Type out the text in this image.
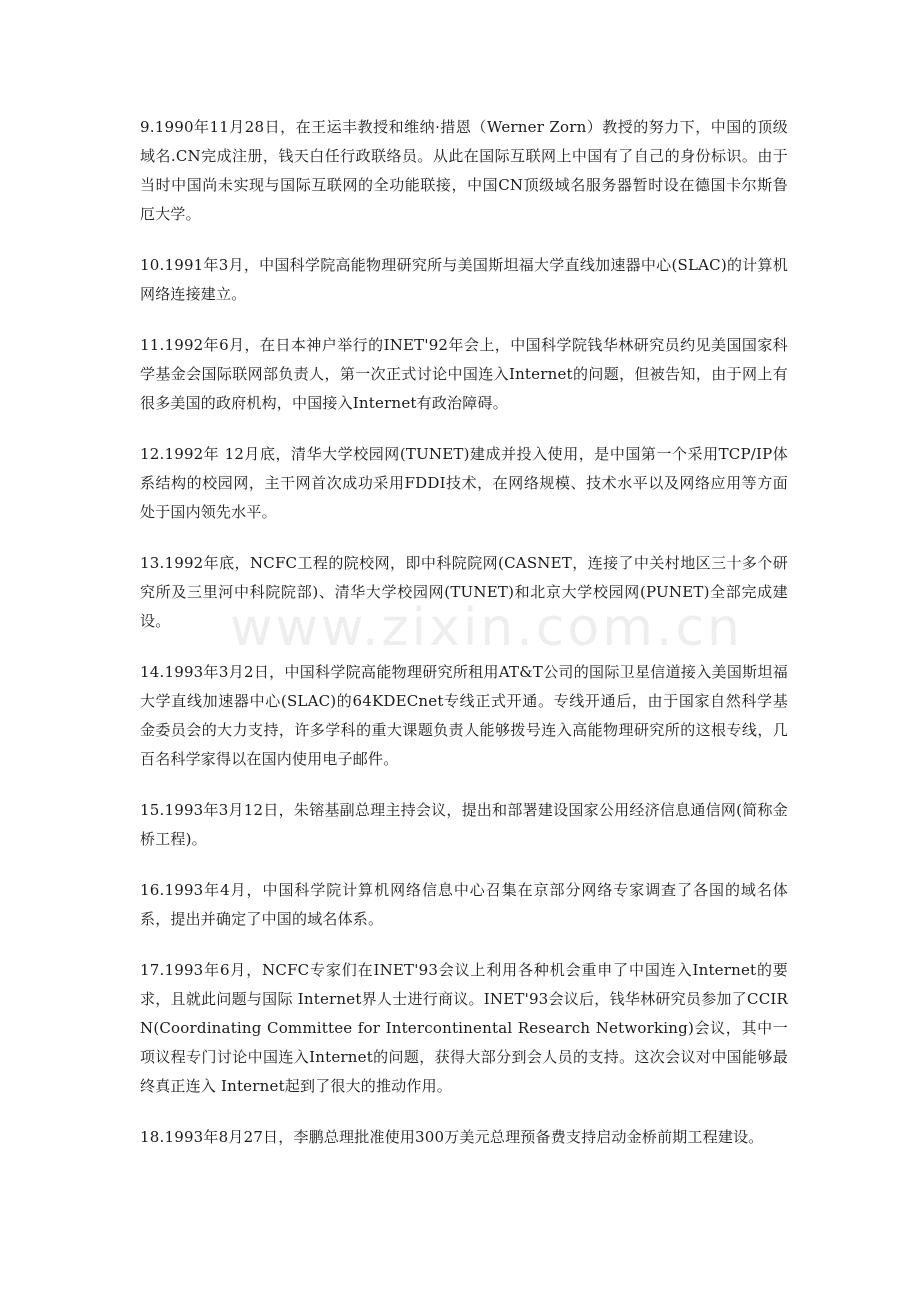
www.zixin.com.cn

9.1990年11月28日，在王运丰教授和维纳·措恩（Werner Zorn）教授的努力下，中国的顶级域名.CN完成注册，钱天白任行政联络员。从此在国际互联网上中国有了自己的身份标识。由于当时中国尚未实现与国际互联网的全功能联接，中国CN顶级域名服务器暂时设在德国卡尔斯鲁厄大学。

10.1991年3月，中国科学院高能物理研究所与美国斯坦福大学直线加速器中心(SLAC)的计算机网络连接建立。

11.1992年6月，在日本神户举行的INET'92年会上，中国科学院钱华林研究员约见美国国家科学基金会国际联网部负责人，第一次正式讨论中国连入Internet的问题，但被告知，由于网上有很多美国的政府机构，中国接入Internet有政治障碍。

12.1992年 12月底，清华大学校园网(TUNET)建成并投入使用，是中国第一个采用TCP/IP体系结构的校园网，主干网首次成功采用FDDI技术，在网络规模、技术水平以及网络应用等方面处于国内领先水平。

13.1992年底，NCFC工程的院校网，即中科院院网(CASNET，连接了中关村地区三十多个研究所及三里河中科院院部)、清华大学校园网(TUNET)和北京大学校园网(PUNET)全部完成建设。

14.1993年3月2日，中国科学院高能物理研究所租用AT&T公司的国际卫星信道接入美国斯坦福大学直线加速器中心(SLAC)的64KDECnet专线正式开通。专线开通后，由于国家自然科学基金委员会的大力支持，许多学科的重大课题负责人能够拨号连入高能物理研究所的这根专线，几百名科学家得以在国内使用电子邮件。

15.1993年3月12日，朱镕基副总理主持会议，提出和部署建设国家公用经济信息通信网(简称金桥工程)。

16.1993年4月，中国科学院计算机网络信息中心召集在京部分网络专家调查了各国的域名体系，提出并确定了中国的域名体系。

17.1993年6月，NCFC专家们在INET'93会议上利用各种机会重申了中国连入Internet的要求，且就此问题与国际 Internet界人士进行商议。INET'93会议后，钱华林研究员参加了CCIRN(Coordinating Committee for Intercontinental Research Networking)会议，其中一项议程专门讨论中国连入Internet的问题，获得大部分到会人员的支持。这次会议对中国能够最终真正连入 Internet起到了很大的推动作用。

18.1993年8月27日，李鹏总理批准使用300万美元总理预备费支持启动金桥前期工程建设。
